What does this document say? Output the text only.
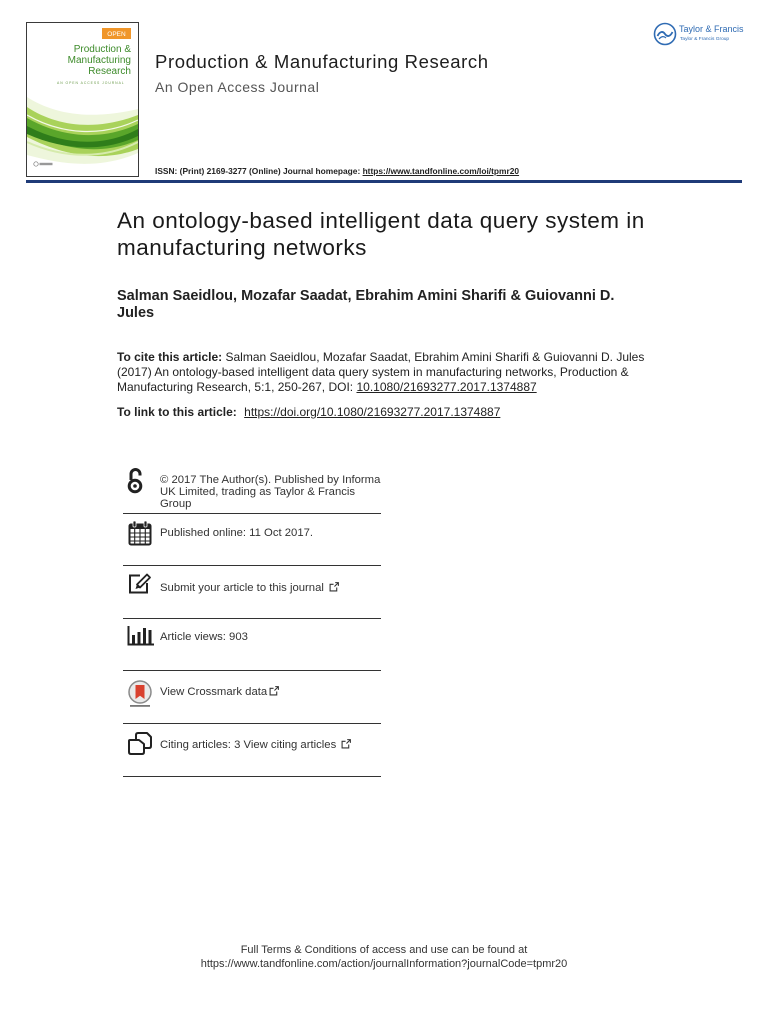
OPEN
AN OPEN ACCESS JOURNAL
Production &
Manufacturing
Research Production & Manufacturing Research
An Open Access Journal
ISSN: (Print) 2169-3277 (Online) Journal homepage: https://www.tandfonline.com/loi/tpmr20
Taylor & Francis
Taylor & Francis Group
An ontology-based intelligent data query system in manufacturing networks
Salman Saeidlou, Mozafar Saadat, Ebrahim Amini Sharifi & Guiovanni D. Jules
To cite this article: Salman Saeidlou, Mozafar Saadat, Ebrahim Amini Sharifi & Guiovanni D. Jules (2017) An ontology-based intelligent data query system in manufacturing networks, Production & Manufacturing Research, 5:1, 250-267, DOI: 10.1080/21693277.2017.1374887
To link to this article: https://doi.org/10.1080/21693277.2017.1374887
© 2017 The Author(s). Published by Informa UK Limited, trading as Taylor & Francis Group
Published online: 11 Oct 2017.
Submit your article to this journal
Article views: 903
View Crossmark data
Citing articles: 3 View citing articles
Full Terms & Conditions of access and use can be found at
https://www.tandfonline.com/action/journalInformation?journalCode=tpmr20
